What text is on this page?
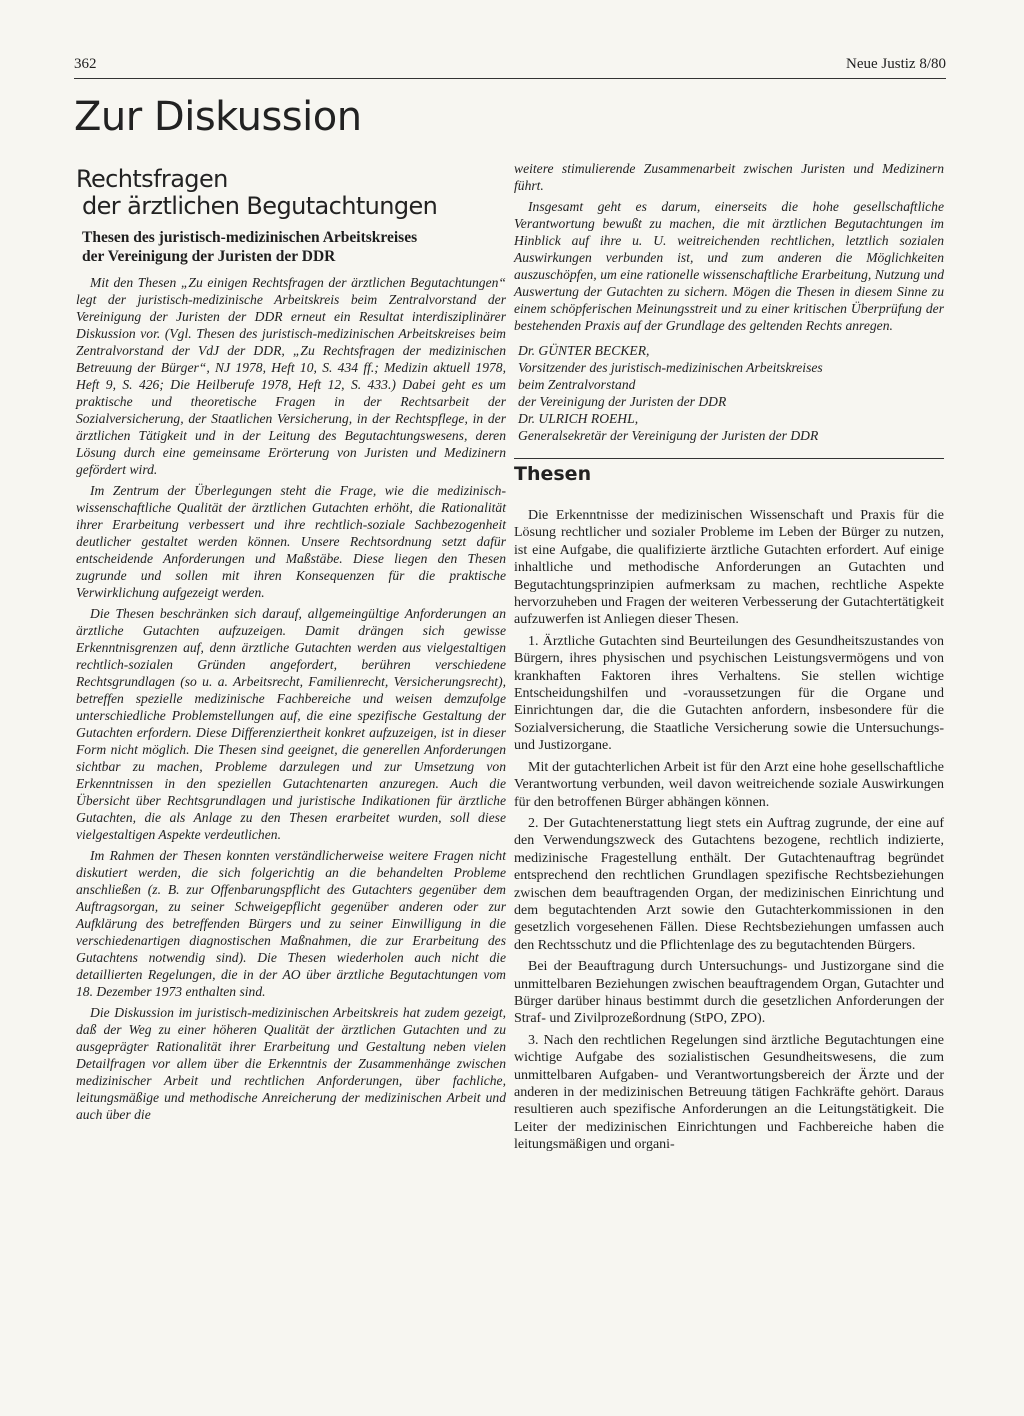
362	Neue Justiz 8/80
Zur Diskussion
Rechtsfragen
der ärztlichen Begutachtungen
Thesen des juristisch-medizinischen Arbeitskreises
der Vereinigung der Juristen der DDR

Mit den Thesen „Zu einigen Rechtsfragen der ärztlichen Begutachtungen“ legt der juristisch-medizinische Arbeitskreis beim Zentralvorstand der Vereinigung der Juristen der DDR erneut ein Resultat interdisziplinärer Diskussion vor. (Vgl. Thesen des juristisch-medizinischen Arbeitskreises beim Zentralvorstand der VdJ der DDR, „Zu Rechtsfragen der medizinischen Betreuung der Bürger“, NJ 1978, Heft 10, S. 434 ff.; Medizin aktuell 1978, Heft 9, S. 426; Die Heilberufe 1978, Heft 12, S. 433.) Dabei geht es um praktische und theoretische Fragen in der Rechtsarbeit der Sozialversicherung, der Staatlichen Versicherung, in der Rechtspflege, in der ärztlichen Tätigkeit und in der Leitung des Begutachtungswesens, deren Lösung durch eine gemeinsame Erörterung von Juristen und Medizinern gefördert wird.

Im Zentrum der Überlegungen steht die Frage, wie die medizinisch-wissenschaftliche Qualität der ärztlichen Gutachten erhöht, die Rationalität ihrer Erarbeitung verbessert und ihre rechtlich-soziale Sachbezogenheit deutlicher gestaltet werden können. Unsere Rechtsordnung setzt dafür entscheidende Anforderungen und Maßstäbe. Diese liegen den Thesen zugrunde und sollen mit ihren Konsequenzen für die praktische Verwirklichung aufgezeigt werden.

Die Thesen beschränken sich darauf, allgemeingültige Anforderungen an ärztliche Gutachten aufzuzeigen. Damit drängen sich gewisse Erkenntnisgrenzen auf, denn ärztliche Gutachten werden aus vielgestaltigen rechtlich-sozialen Gründen angefordert, berühren verschiedene Rechtsgrundlagen (so u. a. Arbeitsrecht, Familienrecht, Versicherungsrecht), betreffen spezielle medizinische Fachbereiche und weisen demzufolge unterschiedliche Problemstellungen auf, die eine spezifische Gestaltung der Gutachten erfordern. Diese Differenziertheit konkret aufzuzeigen, ist in dieser Form nicht möglich. Die Thesen sind geeignet, die generellen Anforderungen sichtbar zu machen, Probleme darzulegen und zur Umsetzung von Erkenntnissen in den speziellen Gutachtenarten anzuregen. Auch die Übersicht über Rechtsgrundlagen und juristische Indikationen für ärztliche Gutachten, die als Anlage zu den Thesen erarbeitet wurden, soll diese vielgestaltigen Aspekte verdeutlichen.

Im Rahmen der Thesen konnten verständlicherweise weitere Fragen nicht diskutiert werden, die sich folgerichtig an die behandelten Probleme anschließen (z. B. zur Offenbarungspflicht des Gutachters gegenüber dem Auftragsorgan, zu seiner Schweigepflicht gegenüber anderen oder zur Aufklärung des betreffenden Bürgers und zu seiner Einwilligung in die verschiedenartigen diagnostischen Maßnahmen, die zur Erarbeitung des Gutachtens notwendig sind). Die Thesen wiederholen auch nicht die detaillierten Regelungen, die in der AO über ärztliche Begutachtungen vom 18. Dezember 1973 enthalten sind.

Die Diskussion im juristisch-medizinischen Arbeitskreis hat zudem gezeigt, daß der Weg zu einer höheren Qualität der ärztlichen Gutachten und zu ausgeprägter Rationalität ihrer Erarbeitung und Gestaltung neben vielen Detailfragen vor allem über die Erkenntnis der Zusammenhänge zwischen medizinischer Arbeit und rechtlichen Anforderungen, über fachliche, leitungsmäßige und methodische Anreicherung der medizinischen Arbeit und auch über die

weitere stimulierende Zusammenarbeit zwischen Juristen und Medizinern führt.

Insgesamt geht es darum, einerseits die hohe gesellschaftliche Verantwortung bewußt zu machen, die mit ärztlichen Begutachtungen im Hinblick auf ihre u. U. weitreichenden rechtlichen, letztlich sozialen Auswirkungen verbunden ist, und zum anderen die Möglichkeiten auszuschöpfen, um eine rationelle wissenschaftliche Erarbeitung, Nutzung und Auswertung der Gutachten zu sichern. Mögen die Thesen in diesem Sinne zu einem schöpferischen Meinungsstreit und zu einer kritischen Überprüfung der bestehenden Praxis auf der Grundlage des geltenden Rechts anregen.

Dr. GÜNTER BECKER,
Vorsitzender des juristisch-medizinischen Arbeitskreises
beim Zentralvorstand
der Vereinigung der Juristen der DDR
Dr. ULRICH ROEHL,
Generalsekretär der Vereinigung der Juristen der DDR
Thesen

Die Erkenntnisse der medizinischen Wissenschaft und Praxis für die Lösung rechtlicher und sozialer Probleme im Leben der Bürger zu nutzen, ist eine Aufgabe, die qualifizierte ärztliche Gutachten erfordert. Auf einige inhaltliche und methodische Anforderungen an Gutachten und Begutachtungsprinzipien aufmerksam zu machen, rechtliche Aspekte hervorzuheben und Fragen der weiteren Verbesserung der Gutachtertätigkeit aufzuwerfen ist Anliegen dieser Thesen.

1. Ärztliche Gutachten sind Beurteilungen des Gesundheitszustandes von Bürgern, ihres physischen und psychischen Leistungsvermögens und von krankhaften Faktoren ihres Verhaltens. Sie stellen wichtige Entscheidungshilfen und -voraussetzungen für die Organe und Einrichtungen dar, die die Gutachten anfordern, insbesondere für die Sozialversicherung, die Staatliche Versicherung sowie die Untersuchungs- und Justizorgane.

Mit der gutachterlichen Arbeit ist für den Arzt eine hohe gesellschaftliche Verantwortung verbunden, weil davon weitreichende soziale Auswirkungen für den betroffenen Bürger abhängen können.

2. Der Gutachtenerstattung liegt stets ein Auftrag zugrunde, der eine auf den Verwendungszweck des Gutachtens bezogene, rechtlich indizierte, medizinische Fragestellung enthält. Der Gutachtenauftrag begründet entsprechend den rechtlichen Grundlagen spezifische Rechtsbeziehungen zwischen dem beauftragenden Organ, der medizinischen Einrichtung und dem begutachtenden Arzt sowie den Gutachterkommissionen in den gesetzlich vorgesehenen Fällen. Diese Rechtsbeziehungen umfassen auch den Rechtsschutz und die Pflichtenlage des zu begutachtenden Bürgers.

Bei der Beauftragung durch Untersuchungs- und Justizorgane sind die unmittelbaren Beziehungen zwischen beauftragendem Organ, Gutachter und Bürger darüber hinaus bestimmt durch die gesetzlichen Anforderungen der Straf- und Zivilprozeßordnung (StPO, ZPO).

3. Nach den rechtlichen Regelungen sind ärztliche Begutachtungen eine wichtige Aufgabe des sozialistischen Gesundheitswesens, die zum unmittelbaren Aufgaben- und Verantwortungsbereich der Ärzte und der anderen in der medizinischen Betreuung tätigen Fachkräfte gehört. Daraus resultieren auch spezifische Anforderungen an die Leitungstätigkeit. Die Leiter der medizinischen Einrichtungen und Fachbereiche haben die leitungsmäßigen und organi-
